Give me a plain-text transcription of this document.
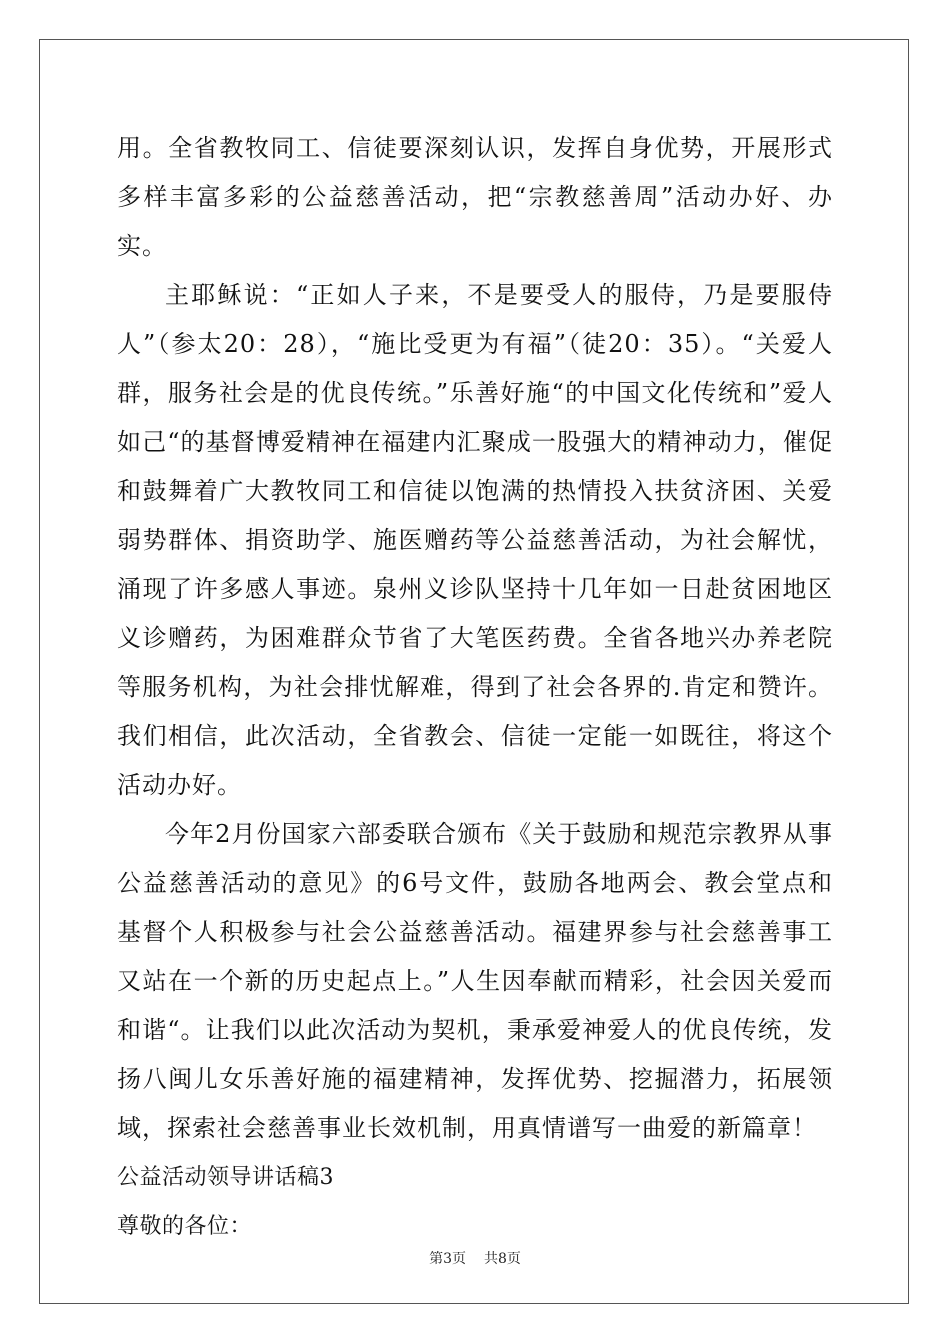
用。全省教牧同工、信徒要深刻认识，发挥自身优势，开展形式多样丰富多彩的公益慈善活动，把“宗教慈善周”活动办好、办实。

主耶稣说：“正如人子来，不是要受人的服侍，乃是要服侍人”（参太20：28），“施比受更为有福”（徒20：35）。“关爱人群，服务社会是的优良传统。”乐善好施“的中国文化传统和”爱人如己“的基督博爱精神在福建内汇聚成一股强大的精神动力，催促和鼓舞着广大教牧同工和信徒以饱满的热情投入扶贫济困、关爱弱势群体、捐资助学、施医赠药等公益慈善活动，为社会解忧，涌现了许多感人事迹。泉州义诊队坚持十几年如一日赴贫困地区义诊赠药，为困难群众节省了大笔医药费。全省各地兴办养老院等服务机构，为社会排忧解难，得到了社会各界的.肯定和赞许。我们相信，此次活动，全省教会、信徒一定能一如既往，将这个活动办好。

今年2月份国家六部委联合颁布《关于鼓励和规范宗教界从事公益慈善活动的意见》的6号文件，鼓励各地两会、教会堂点和基督个人积极参与社会公益慈善活动。福建界参与社会慈善事工又站在一个新的历史起点上。”人生因奉献而精彩，社会因关爱而和谐“。让我们以此次活动为契机，秉承爱神爱人的优良传统，发扬八闽儿女乐善好施的福建精神，发挥优势、挖掘潜力，拓展领域，探索社会慈善事业长效机制，用真情谱写一曲爱的新篇章！

公益活动领导讲话稿3

尊敬的各位：

第3页 共8页
